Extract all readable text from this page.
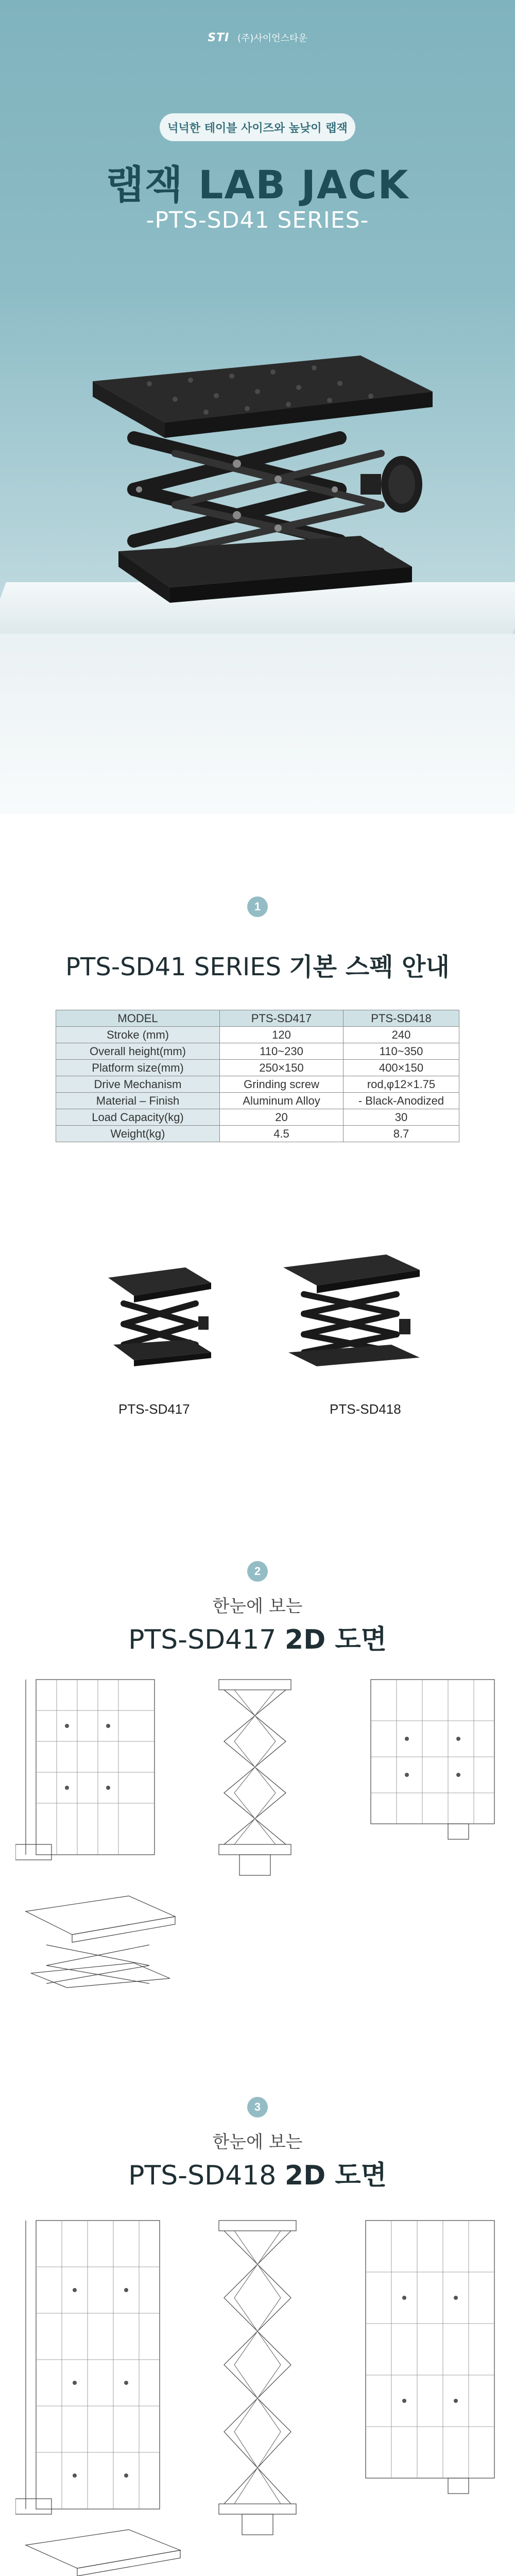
STI (주)사이언스타운
넉넉한 테이블 사이즈와 높낮이 랩잭
랩잭 LAB JACK
-PTS-SD41 SERIES-
1
PTS-SD41 SERIES 기본 스펙 안내
MODEL	PTS-SD417	PTS-SD418
Stroke (mm)	120	240
Overall height(mm)	110~230	110~350
Platform size(mm)	250×150	400×150
Drive Mechanism	Grinding screw	rod,φ12×1.75
Material – Finish	Aluminum Alloy	- Black-Anodized
Load Capacity(kg)	20	30
Weight(kg)	4.5	8.7
PTS-SD417	PTS-SD418
2
한눈에 보는
PTS-SD417 2D 도면
3
한눈에 보는
PTS-SD418 2D 도면
